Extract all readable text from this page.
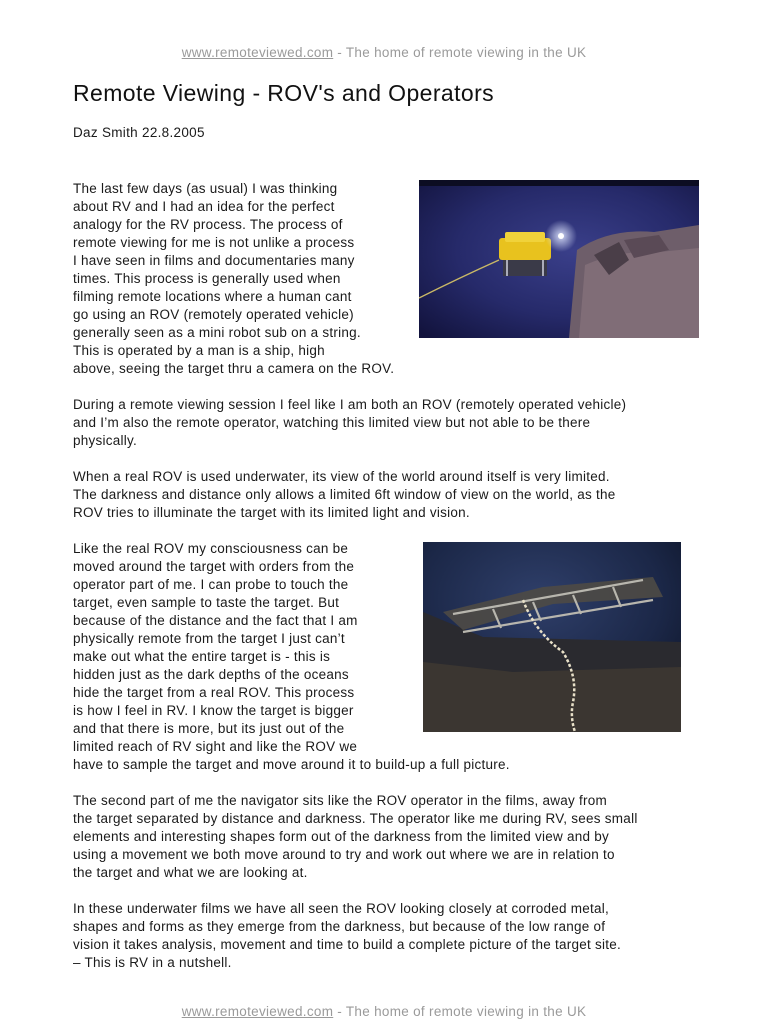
www.remoteviewed.com - The home of remote viewing in the UK
Remote Viewing - ROV's and Operators
Daz Smith 22.8.2005

The last few days (as usual) I was thinking
about RV and I had an idea for the perfect
analogy for the RV process. The process of
remote viewing for me is not unlike a process
I have seen in films and documentaries many
times. This process is generally used when
filming remote locations where a human cant
go using an ROV (remotely operated vehicle)
generally seen as a mini robot sub on a string.
This is operated by a man is a ship, high
above, seeing the target thru a camera on the ROV.

During a remote viewing session I feel like I am both an ROV (remotely operated vehicle)
and I’m also the remote operator, watching this limited view but not able to be there
physically.

When a real ROV is used underwater, its view of the world around itself is very limited.
The darkness and distance only allows a limited 6ft window of view on the world, as the
ROV tries to illuminate the target with its limited light and vision.

Like the real ROV my consciousness can be
moved around the target with orders from the
operator part of me. I can probe to touch the
target, even sample to taste the target. But
because of the distance and the fact that I am
physically remote from the target I just can’t
make out what the entire target is - this is
hidden just as the dark depths of the oceans
hide the target from a real ROV. This process
is how I feel in RV. I know the target is bigger
and that there is more, but its just out of the
limited reach of RV sight and like the ROV we
have to sample the target and move around it to build-up a full picture.

The second part of me the navigator sits like the ROV operator in the films, away from
the target separated by distance and darkness. The operator like me during RV, sees small
elements and interesting shapes form out of the darkness from the limited view and by
using a movement we both move around to try and work out where we are in relation to
the target and what we are looking at.

In these underwater films we have all seen the ROV looking closely at corroded metal,
shapes and forms as they emerge from the darkness, but because of the low range of
vision it takes analysis, movement and time to build a complete picture of the target site.
– This is RV in a nutshell.

www.remoteviewed.com - The home of remote viewing in the UK
